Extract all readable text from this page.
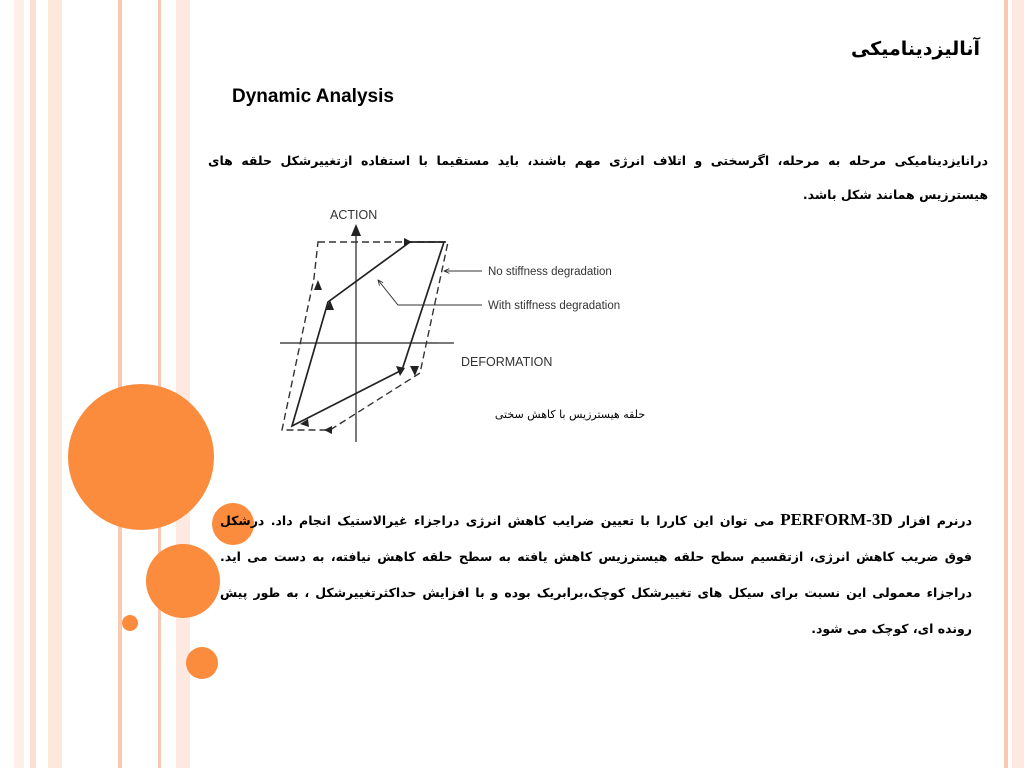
آنالیزدینامیکی
Dynamic Analysis
درانایزدینامیکی مرحله به مرحله، اگرسختی و اتلاف انرژی مهم باشند، باید مستقیما با استفاده ازتغییرشکل حلقه های هیسترزیس همانند شکل باشد.
ACTION
DEFORMATION
No stiffness degradation
With stiffness degradation
حلقه هیسترزیس با کاهش سختی
درنرم افزارPERFORM-3Dمی توان این کاررا با تعیین ضرایب کاهش انرژی دراجزاء غیرالاستیک انجام داد. درشکل فوق ضریب کاهش انرژی، ازتقسیم سطح حلقه هیسترزیس کاهش یافته به سطح حلقه کاهش نیافته، به دست می اید. دراجزاء معمولی این نسبت برای سیکل های تغییرشکل کوچک،برابریک بوده و با افزایش حداکثرتغییرشکل ، به طور پیش رونده ای، کوچک می شود.
